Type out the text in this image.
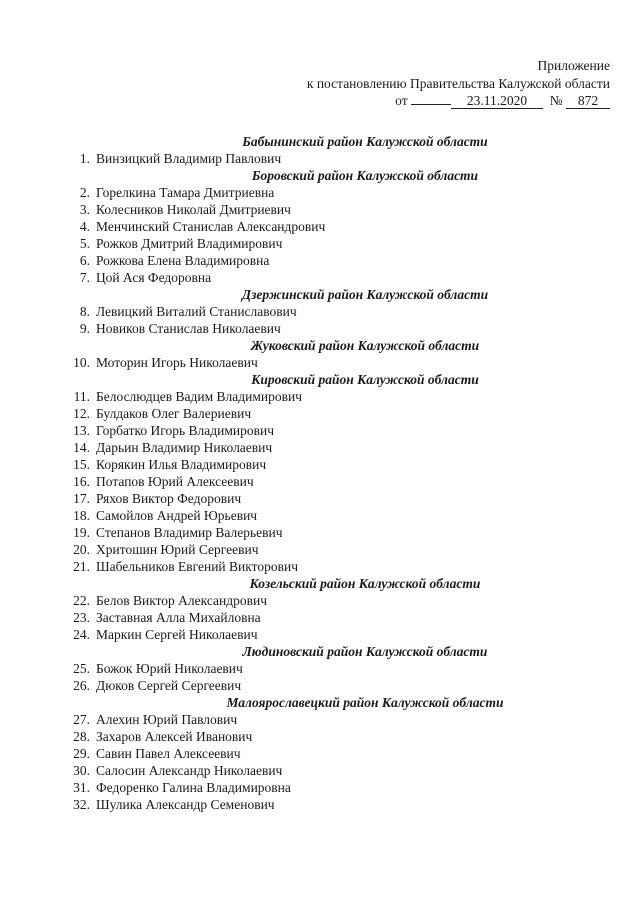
Приложение
к постановлению Правительства Калужской области
от	23.11.2020 № 872
Бабынинский район Калужской области
1. Винзицкий Владимир Павлович
Боровский район Калужской области
2. Горелкина Тамара Дмитриевна
3. Колесников Николай Дмитриевич
4. Менчинский Станислав Александрович
5. Рожков Дмитрий Владимирович
6. Рожкова Елена Владимировна
7. Цой Ася Федоровна
Дзержинский район Калужской области
8. Левицкий Виталий Станиславович
9. Новиков Станислав Николаевич
Жуковский район Калужской области
10. Моторин Игорь Николаевич
Кировский район Калужской области
11. Белослюдцев Вадим Владимирович
12. Булдаков Олег Валериевич
13. Горбатко Игорь Владимирович
14. Дарьин Владимир Николаевич
15. Корякин Илья Владимирович
16. Потапов Юрий Алексеевич
17. Ряхов Виктор Федорович
18. Самойлов Андрей Юрьевич
19. Степанов Владимир Валерьевич
20. Хритошин Юрий Сергеевич
21. Шабельников Евгений Викторович
Козельский район Калужской области
22. Белов Виктор Александрович
23. Заставная Алла Михайловна
24. Маркин Сергей Николаевич
Людиновский район Калужской области
25. Божок Юрий Николаевич
26. Дюков Сергей Сергеевич
Малоярославецкий район Калужской области
27. Алехин Юрий Павлович
28. Захаров Алексей Иванович
29. Савин Павел Алексеевич
30. Салосин Александр Николаевич
31. Федоренко Галина Владимировна
32. Шулика Александр Семенович
